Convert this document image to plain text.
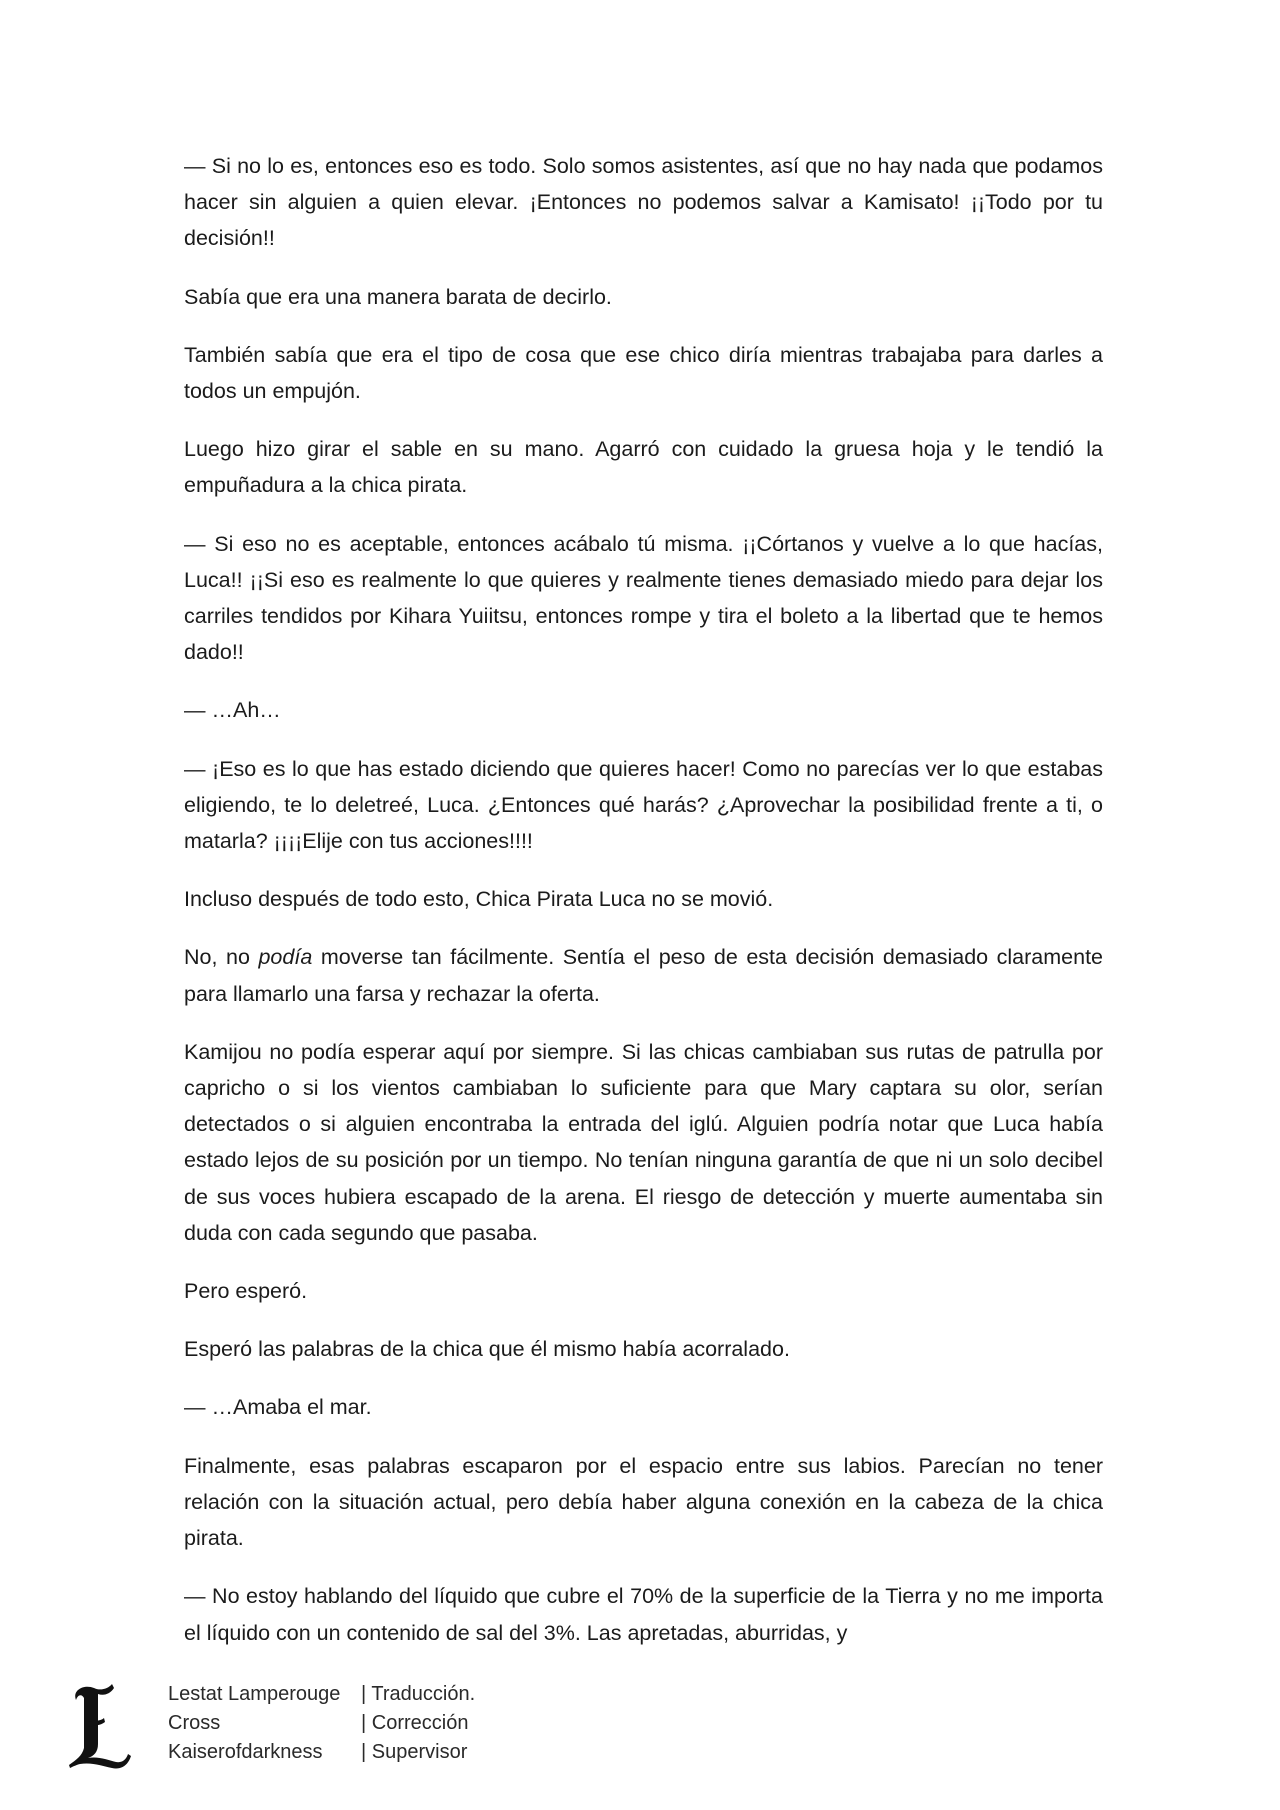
— Si no lo es, entonces eso es todo. Solo somos asistentes, así que no hay nada que podamos hacer sin alguien a quien elevar. ¡Entonces no podemos salvar a Kamisato! ¡¡Todo por tu decisión!!

Sabía que era una manera barata de decirlo.

También sabía que era el tipo de cosa que ese chico diría mientras trabajaba para darles a todos un empujón.

Luego hizo girar el sable en su mano. Agarró con cuidado la gruesa hoja y le tendió la empuñadura a la chica pirata.

— Si eso no es aceptable, entonces acábalo tú misma. ¡¡Córtanos y vuelve a lo que hacías, Luca!! ¡¡Si eso es realmente lo que quieres y realmente tienes demasiado miedo para dejar los carriles tendidos por Kihara Yuiitsu, entonces rompe y tira el boleto a la libertad que te hemos dado!!

— …Ah…

— ¡Eso es lo que has estado diciendo que quieres hacer! Como no parecías ver lo que estabas eligiendo, te lo deletreé, Luca. ¿Entonces qué harás? ¿Aprovechar la posibilidad frente a ti, o matarla? ¡¡¡¡Elije con tus acciones!!!!

Incluso después de todo esto, Chica Pirata Luca no se movió.

No, no podía moverse tan fácilmente. Sentía el peso de esta decisión demasiado claramente para llamarlo una farsa y rechazar la oferta.

Kamijou no podía esperar aquí por siempre. Si las chicas cambiaban sus rutas de patrulla por capricho o si los vientos cambiaban lo suficiente para que Mary captara su olor, serían detectados o si alguien encontraba la entrada del iglú. Alguien podría notar que Luca había estado lejos de su posición por un tiempo. No tenían ninguna garantía de que ni un solo decibel de sus voces hubiera escapado de la arena. El riesgo de detección y muerte aumentaba sin duda con cada segundo que pasaba.

Pero esperó.

Esperó las palabras de la chica que él mismo había acorralado.

— …Amaba el mar.

Finalmente, esas palabras escaparon por el espacio entre sus labios. Parecían no tener relación con la situación actual, pero debía haber alguna conexión en la cabeza de la chica pirata.

— No estoy hablando del líquido que cubre el 70% de la superficie de la Tierra y no me importa el líquido con un contenido de sal del 3%. Las apretadas, aburridas, y

Lestat Lamperouge	| Traducción.
Cross	| Corrección
Kaiserofdarkness	| Supervisor
